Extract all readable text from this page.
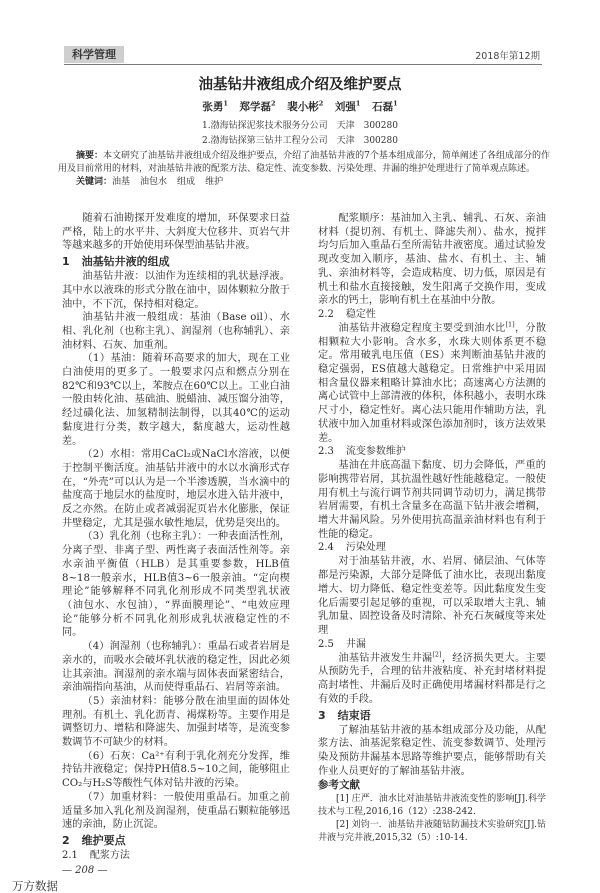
科学管理	2018年第12期
油基钻井液组成介绍及维护要点
张勇$^1$ 郑学磊$^2$ 裴小彬$^2$ 刘强$^1$ 石磊$^1$
1.渤海钻探泥浆技术服务分公司　天津　300280
2.渤海钻探第三钻井工程分公司　天津　300280
摘要：本文研究了油基钻井液组成介绍及维护要点，介绍了油基钻井液的7个基本组成部分，简单阐述了各组成部分的作用及目前常用的材料，对油基钻井液的配浆方法、稳定性、流变参数、污染处理、井漏的维护处理进行了简单观点陈述。
关键词：油基 油包水 组成 维护

随着石油勘探开发难度的增加，环保要求日益严格，陆上的水平井、大斜度大位移井、页岩气井等越来越多的开始使用环保型油基钻井液。

1 油基钻井液的组成

油基钻井液：以油作为连续相的乳状悬浮液。其中水以液珠的形式分散在油中，固体颗粒分散于油中，不下沉，保持相对稳定。

油基钻井液一般组成：基油（Base oil）、水相、乳化剂（也称主乳）、润湿剂（也称辅乳）、亲油材料、石灰、加重剂。

（1）基油：随着环高要求的加大，现在工业白油使用的更多了。一般要求闪点和燃点分别在82℃和93℃以上，苯胺点在60℃以上。工业白油一般由转化油、基础油、脱蜡油、减压馏分油等，经过磺化法、加氢精制法制得，以其40℃的运动黏度进行分类，数字越大，黏度越大，运动性越差。

（2）水相：常用CaCl₂或NaCl水溶液，以便于控制平衡活度。油基钻井液中的水以水滴形式存在，“外壳”可以认为是一个半渗透膜，当水滴中的盐度高于地层水的盐度时，地层水进入钻井液中，反之亦然。在防止或者减弱泥页岩水化膨胀，保证井壁稳定，尤其是强水敏性地层，优势是突出的。

（3）乳化剂（也称主乳）：一种表面活性剂，分离子型、非离子型、两性离子表面活性剂等。亲水亲油平衡值（HLB）是其重要参数，HLB值8~18一般亲水，HLB值3~6一般亲油。“定向楔理论”能够解释不同乳化剂形成不同类型乳状液（油包水、水包油），“界面膜理论”、“电效应理论”能够分析不同乳化剂形成乳状液稳定性的不同。

（4）润湿剂（也称辅乳）：重晶石或者岩屑是亲水的，而吸水会破坏乳状液的稳定性，因此必须让其亲油。润湿剂的亲水端与固体表面紧密结合，亲油端指向基油，从而使得重晶石、岩屑等亲油。

（5）亲油材料：能够分散在油里面的固体处理剂。有机土、乳化沥青、褐煤粉等。主要作用是调整切力、增粘和降滤失、加强封堵等，是流变参数调节不可缺少的材料。

（6）石灰：Ca²⁺有利于乳化剂充分发挥，维持钻井液稳定；保持PH值8.5~10之间，能够阻止CO₂与H₂S等酸性气体对钻井液的污染。

（7）加重材料：一般使用重晶石。加重之前适量多加入乳化剂及润湿剂，使重晶石颗粒能够迅速的亲油，防止沉淀。

2 维护要点
2.1 配浆方法

配浆顺序：基油加入主乳、辅乳、石灰、亲油材料（提切剂、有机土、降滤失剂）、盐水，搅拌均匀后加入重晶石至所需钻井液密度。通过试验发现改变加入顺序，基油、盐水、有机土、主、辅乳、亲油材料等，会造成粘度、切力低，原因是有机土和盐水直接接触，发生阳离子交换作用，变成亲水的钙土，影响有机土在基油中分散。

2.2 稳定性

油基钻井液稳定程度主要受到油水比[1]，分散相颗粒大小影响。含水多，水珠大则体系更不稳定。常用破乳电压值（ES）来判断油基钻井液的稳定强弱，ES值越大越稳定。日常维护中采用固相含量仪器来粗略计算油水比；高速离心方法测的离心试管中上部清液的体积，体积越小，表明水珠尺寸小，稳定性好。离心法只能用作辅助方法，乳状液中加入加重材料或深色添加剂时，该方法效果差。

2.3 流变参数维护

基油在井底高温下黏度、切力会降低，严重的影响携带岩屑，其抗温性越好性能越稳定。一般使用有机土与流行调节剂共同调节动切力，满足携带岩屑需要，有机土含量多在高温下钻井液会增稠，增大井漏风险。另外使用抗高温亲油材料也有利于性能的稳定。

2.4 污染处理

对于油基钻井液，水、岩屑、储层油、气体等都是污染源，大部分是降低了油水比，表现出黏度增大、切力降低、稳定性变差等。因此黏度发生变化后需要引起足够的重视，可以采取增大主乳、辅乳加量、固控设备及时清除、补充石灰碱度等来处理

2.5 井漏

油基钻井液发生井漏[2]，经济损失更大。主要从预防先手，合理的钻井液粘度、补充封堵材料提高封堵性、井漏后及时正确使用堵漏材料都是行之有效的手段。

3 结束语

了解油基钻井液的基本组成部分及功能，从配浆方法、油基泥浆稳定性、流变参数调节、处理污染及预防井漏基本思路等维护要点，能够帮助有关作业人员更好的了解油基钻井液。

参考文献

[1] 庄严．油水比对油基钻井液流变性的影响[J].科学技术与工程,2016,16（12）:238-242.

[2] 刘钧一．油基钻井液随钻防漏技术实验研究[J].钻井液与完井液,2015,32（5）:10-14.

— 208 —
万方数据
